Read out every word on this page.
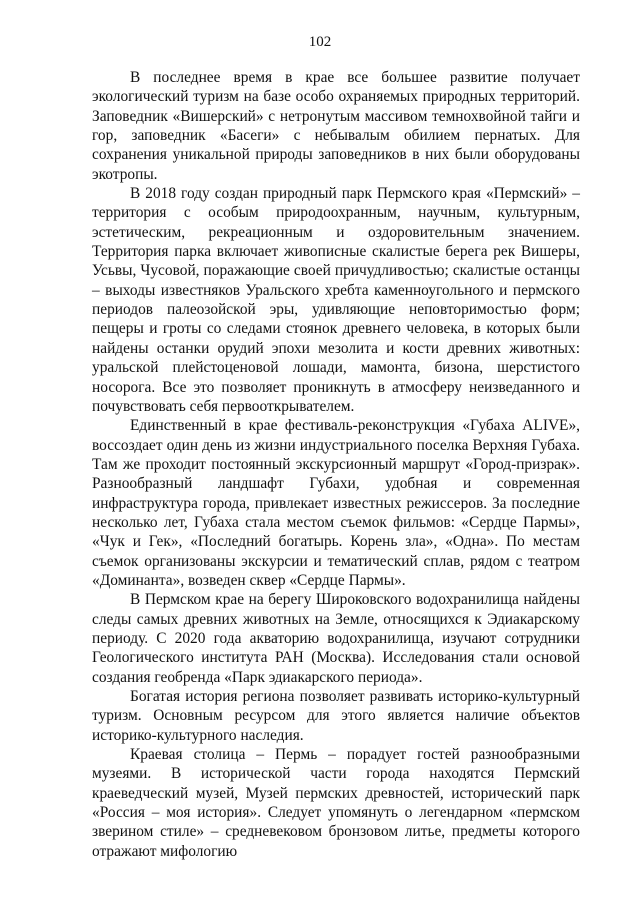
102

В последнее время в крае все большее развитие получает экологический туризм на базе особо охраняемых природных территорий. Заповедник «Вишерский» с нетронутым массивом темнохвойной тайги и гор, заповедник «Басеги» с небывалым обилием пернатых. Для сохранения уникальной природы заповедников в них были оборудованы экотропы.

В 2018 году создан природный парк Пермского края «Пермский» – территория с особым природоохранным, научным, культурным, эстетическим, рекреационным и оздоровительным значением. Территория парка включает живописные скалистые берега рек Вишеры, Усьвы, Чусовой, поражающие своей причудливостью; скалистые останцы – выходы известняков Уральского хребта каменноугольного и пермского периодов палеозойской эры, удивляющие неповторимостью форм; пещеры и гроты со следами стоянок древнего человека, в которых были найдены останки орудий эпохи мезолита и кости древних животных: уральской плейстоценовой лошади, мамонта, бизона, шерстистого носорога. Все это позволяет проникнуть в атмосферу неизведанного и почувствовать себя первооткрывателем.

Единственный в крае фестиваль-реконструкция «Губаха ALIVE», воссоздает один день из жизни индустриального поселка Верхняя Губаха. Там же проходит постоянный экскурсионный маршрут «Город-призрак». Разнообразный ландшафт Губахи, удобная и современная инфраструктура города, привлекает известных режиссеров. За последние несколько лет, Губаха стала местом съемок фильмов: «Сердце Пармы», «Чук и Гек», «Последний богатырь. Корень зла», «Одна». По местам съемок организованы экскурсии и тематический сплав, рядом с театром «Доминанта», возведен сквер «Сердце Пармы».

В Пермском крае на берегу Широковского водохранилища найдены следы самых древних животных на Земле, относящихся к Эдиакарскому периоду. С 2020 года акваторию водохранилища, изучают сотрудники Геологического института РАН (Москва). Исследования стали основой создания геобренда «Парк эдиакарского периода».

Богатая история региона позволяет развивать историко-культурный туризм. Основным ресурсом для этого является наличие объектов историко-культурного наследия.

Краевая столица – Пермь – порадует гостей разнообразными музеями. В исторической части города находятся Пермский краеведческий музей, Музей пермских древностей, исторический парк «Россия – моя история». Следует упомянуть о легендарном «пермском зверином стиле» – средневековом бронзовом литье, предметы которого отражают мифологию
